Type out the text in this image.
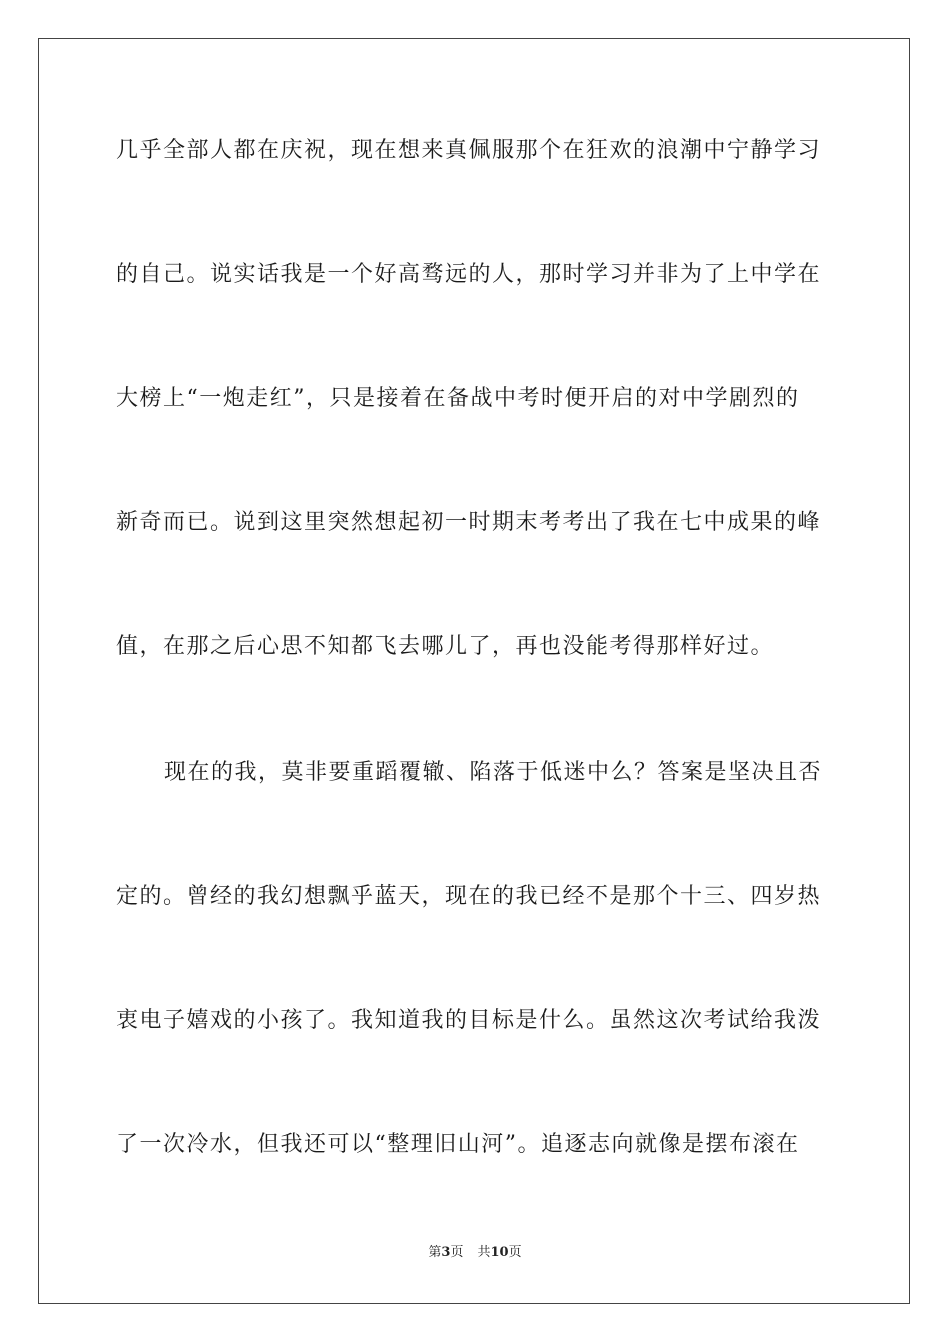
几乎全部人都在庆祝，现在想来真佩服那个在狂欢的浪潮中宁静学习
的自己。说实话我是一个好高骛远的人，那时学习并非为了上中学在
大榜上“一炮走红”，只是接着在备战中考时便开启的对中学剧烈的
新奇而已。说到这里突然想起初一时期末考考出了我在七中成果的峰
值，在那之后心思不知都飞去哪儿了，再也没能考得那样好过。
现在的我，莫非要重蹈覆辙、陷落于低迷中么？答案是坚决且否
定的。曾经的我幻想飘乎蓝天，现在的我已经不是那个十三、四岁热
衷电子嬉戏的小孩了。我知道我的目标是什么。虽然这次考试给我泼
了一次冷水，但我还可以“整理旧山河”。追逐志向就像是摆布滚在
第3页 共10页
